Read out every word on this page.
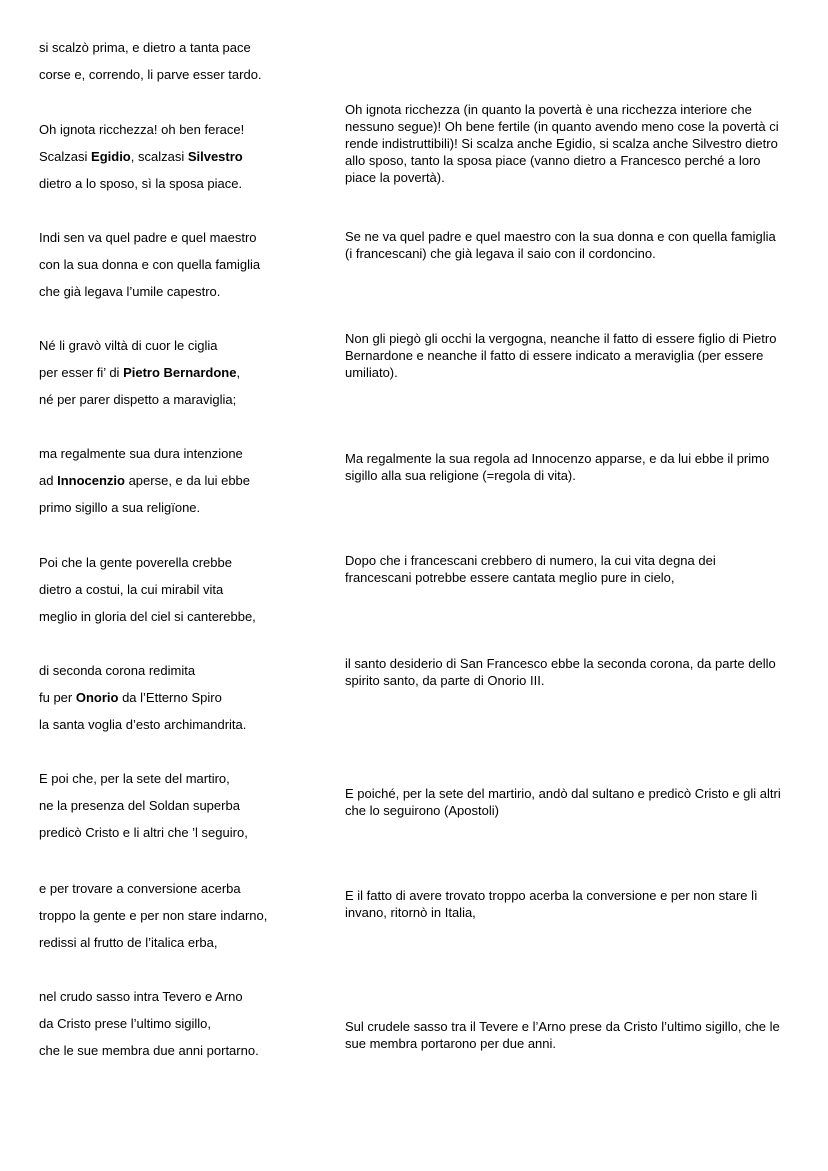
si scalzò prima, e dietro a tanta pace
corse e, correndo, li parve esser tardo.
Oh ignota ricchezza! oh ben ferace!
Scalzasi Egidio, scalzasi Silvestro
dietro a lo sposo, sì la sposa piace.
Oh ignota ricchezza (in quanto la povertà è una ricchezza interiore che nessuno segue)! Oh bene fertile (in quanto avendo meno cose la povertà ci rende indistruttibili)! Si scalza anche Egidio, si scalza anche Silvestro dietro allo sposo, tanto la sposa piace (vanno dietro a Francesco perché a loro piace la povertà).
Indi sen va quel padre e quel maestro
con la sua donna e con quella famiglia
che già legava l’umile capestro.
Se ne va quel padre e quel maestro con la sua donna e con quella famiglia (i francescani) che già legava il saio con il cordoncino.
Né li gravò viltà di cuor le ciglia
per esser fi’ di Pietro Bernardone,
né per parer dispetto a maraviglia;
Non gli piegò gli occhi la vergogna, neanche il fatto di essere figlio di Pietro Bernardone e neanche il fatto di essere indicato a meraviglia (per essere umiliato).
ma regalmente sua dura intenzione
ad Innocenzio aperse, e da lui ebbe
primo sigillo a sua religïone.
Ma regalmente la sua regola ad Innocenzo apparse, e da lui ebbe il primo sigillo alla sua religione (=regola di vita).
Poi che la gente poverella crebbe
dietro a costui, la cui mirabil vita
meglio in gloria del ciel si canterebbe,
Dopo che i francescani crebbero di numero, la cui vita degna dei francescani potrebbe essere cantata meglio pure in cielo,
di seconda corona redimita
fu per Onorio da l’Etterno Spiro
la santa voglia d’esto archimandrita.
il santo desiderio di San Francesco ebbe la seconda corona, da parte dello spirito santo, da parte di Onorio III.
E poi che, per la sete del martiro,
ne la presenza del Soldan superba
predicò Cristo e li altri che ’l seguiro,
E poiché, per la sete del martirio, andò dal sultano e predicò Cristo e gli altri che lo seguirono (Apostoli)
e per trovare a conversione acerba
troppo la gente e per non stare indarno,
redissi al frutto de l’italica erba,
E il fatto di avere trovato troppo acerba la conversione e per non stare lì invano, ritornò in Italia,
nel crudo sasso intra Tevero e Arno
da Cristo prese l’ultimo sigillo,
che le sue membra due anni portarno.
Sul crudele sasso tra il Tevere e l’Arno prese da Cristo l’ultimo sigillo, che le sue membra portarono per due anni.
